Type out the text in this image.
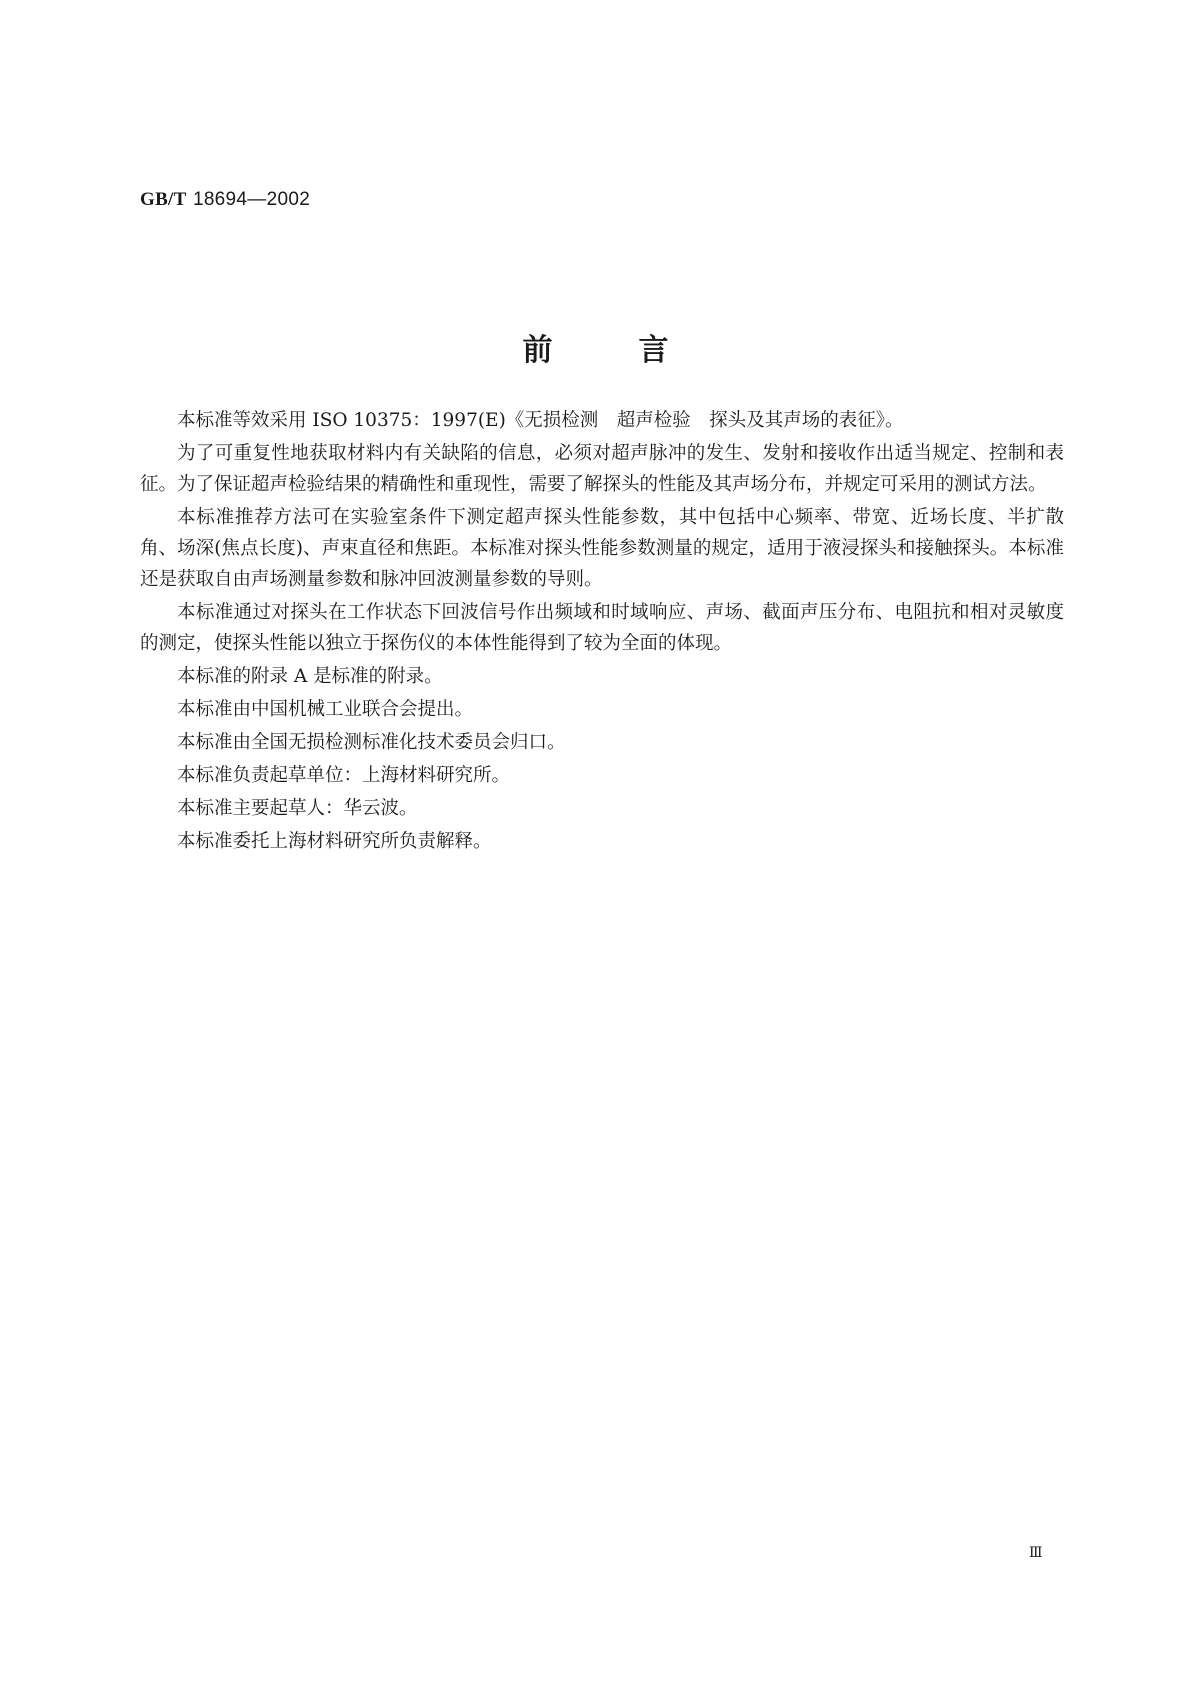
GB/T 18694—2002
前言

本标准等效采用 ISO 10375：1997(E)《无损检测　超声检验　探头及其声场的表征》。

为了可重复性地获取材料内有关缺陷的信息，必须对超声脉冲的发生、发射和接收作出适当规定、控制和表征。为了保证超声检验结果的精确性和重现性，需要了解探头的性能及其声场分布，并规定可采用的测试方法。

本标准推荐方法可在实验室条件下测定超声探头性能参数，其中包括中心频率、带宽、近场长度、半扩散角、场深(焦点长度)、声束直径和焦距。本标准对探头性能参数测量的规定，适用于液浸探头和接触探头。本标准还是获取自由声场测量参数和脉冲回波测量参数的导则。

本标准通过对探头在工作状态下回波信号作出频域和时域响应、声场、截面声压分布、电阻抗和相对灵敏度的测定，使探头性能以独立于探伤仪的本体性能得到了较为全面的体现。

本标准的附录 A 是标准的附录。

本标准由中国机械工业联合会提出。

本标准由全国无损检测标准化技术委员会归口。

本标准负责起草单位：上海材料研究所。

本标准主要起草人：华云波。

本标准委托上海材料研究所负责解释。

Ⅲ
